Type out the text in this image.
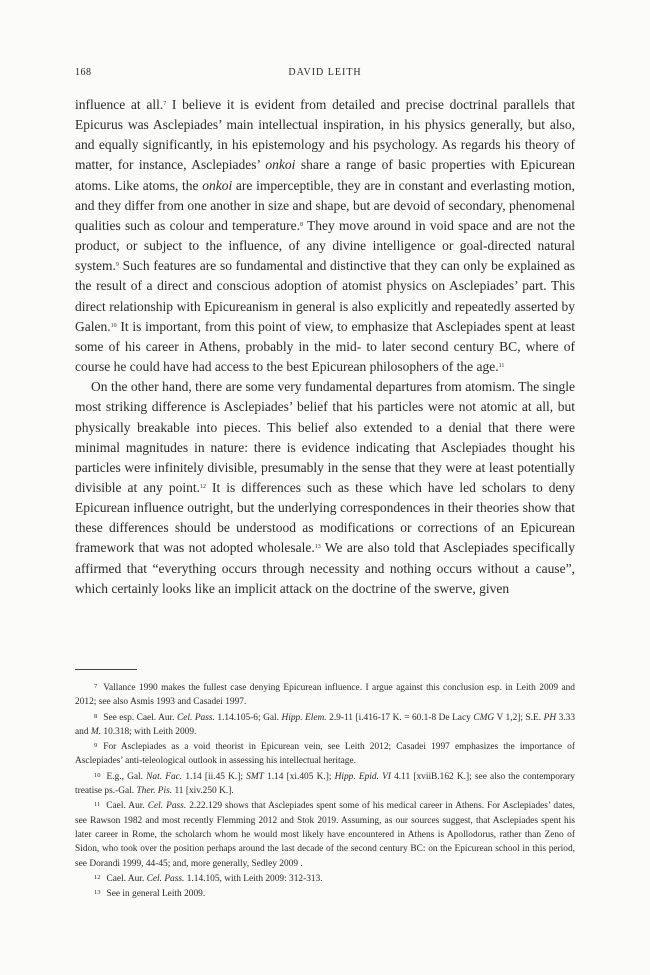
168	DAVID LEITH

influence at all.$^7$ I believe it is evident from detailed and precise doctrinal parallels that Epicurus was Asclepiades’ main intellectual inspiration, in his physics generally, but also, and equally significantly, in his epistemology and his psychology. As regards his theory of matter, for instance, Asclepiades’ onkoi share a range of basic properties with Epicurean atoms. Like atoms, the onkoi are imperceptible, they are in constant and everlasting motion, and they differ from one another in size and shape, but are devoid of secondary, phenomenal qualities such as colour and temperature.$^8$ They move around in void space and are not the product, or subject to the influence, of any divine intelligence or goal-directed natural system.$^9$ Such features are so fundamental and distinctive that they can only be explained as the result of a direct and conscious adoption of atomist physics on Asclepiades’ part. This direct relationship with Epicureanism in general is also explicitly and repeatedly asserted by Galen.$^{10}$ It is important, from this point of view, to emphasize that Asclepiades spent at least some of his career in Athens, probably in the mid- to later second century BC, where of course he could have had access to the best Epicurean philosophers of the age.$^{11}$

On the other hand, there are some very fundamental departures from atomism. The single most striking difference is Asclepiades’ belief that his particles were not atomic at all, but physically breakable into pieces. This belief also extended to a denial that there were minimal magnitudes in nature: there is evidence indicating that Asclepiades thought his particles were infinitely divisible, presumably in the sense that they were at least potentially divisible at any point.$^{12}$ It is differences such as these which have led scholars to deny Epicurean influence outright, but the underlying correspondences in their theories show that these differences should be understood as modifications or corrections of an Epicurean framework that was not adopted wholesale.$^{13}$ We are also told that Asclepiades specifically affirmed that “everything occurs through necessity and nothing occurs without a cause”, which certainly looks like an implicit attack on the doctrine of the swerve, given

$^7$ Vallance 1990 makes the fullest case denying Epicurean influence. I argue against this conclusion esp. in Leith 2009 and 2012; see also Asmis 1993 and Casadei 1997.

$^8$ See esp. Cael. Aur. Cel. Pass. 1.14.105-6; Gal. Hipp. Elem. 2.9-11 [i.416-17 K. = 60.1-8 De Lacy CMG V 1,2]; S.E. PH 3.33 and M. 10.318; with Leith 2009.

$^9$ For Asclepiades as a void theorist in Epicurean vein, see Leith 2012; Casadei 1997 emphasizes the importance of Asclepiades’ anti-teleological outlook in assessing his intellectual heritage.

$^{10}$ E.g., Gal. Nat. Fac. 1.14 [ii.45 K.]; SMT 1.14 [xi.405 K.]; Hipp. Epid. VI 4.11 [xviiB.162 K.]; see also the contemporary treatise ps.-Gal. Ther. Pis. 11 [xiv.250 K.].

$^{11}$ Cael. Aur. Cel. Pass. 2.22.129 shows that Asclepiades spent some of his medical career in Athens. For Asclepiades’ dates, see Rawson 1982 and most recently Flemming 2012 and Stok 2019. Assuming, as our sources suggest, that Asclepiades spent his later career in Rome, the scholarch whom he would most likely have encountered in Athens is Apollodorus, rather than Zeno of Sidon, who took over the position perhaps around the last decade of the second century BC: on the Epicurean school in this period, see Dorandi 1999, 44-45; and, more generally, Sedley 2009 .

$^{12}$ Cael. Aur. Cel. Pass. 1.14.105, with Leith 2009: 312-313.

$^{13}$ See in general Leith 2009.
